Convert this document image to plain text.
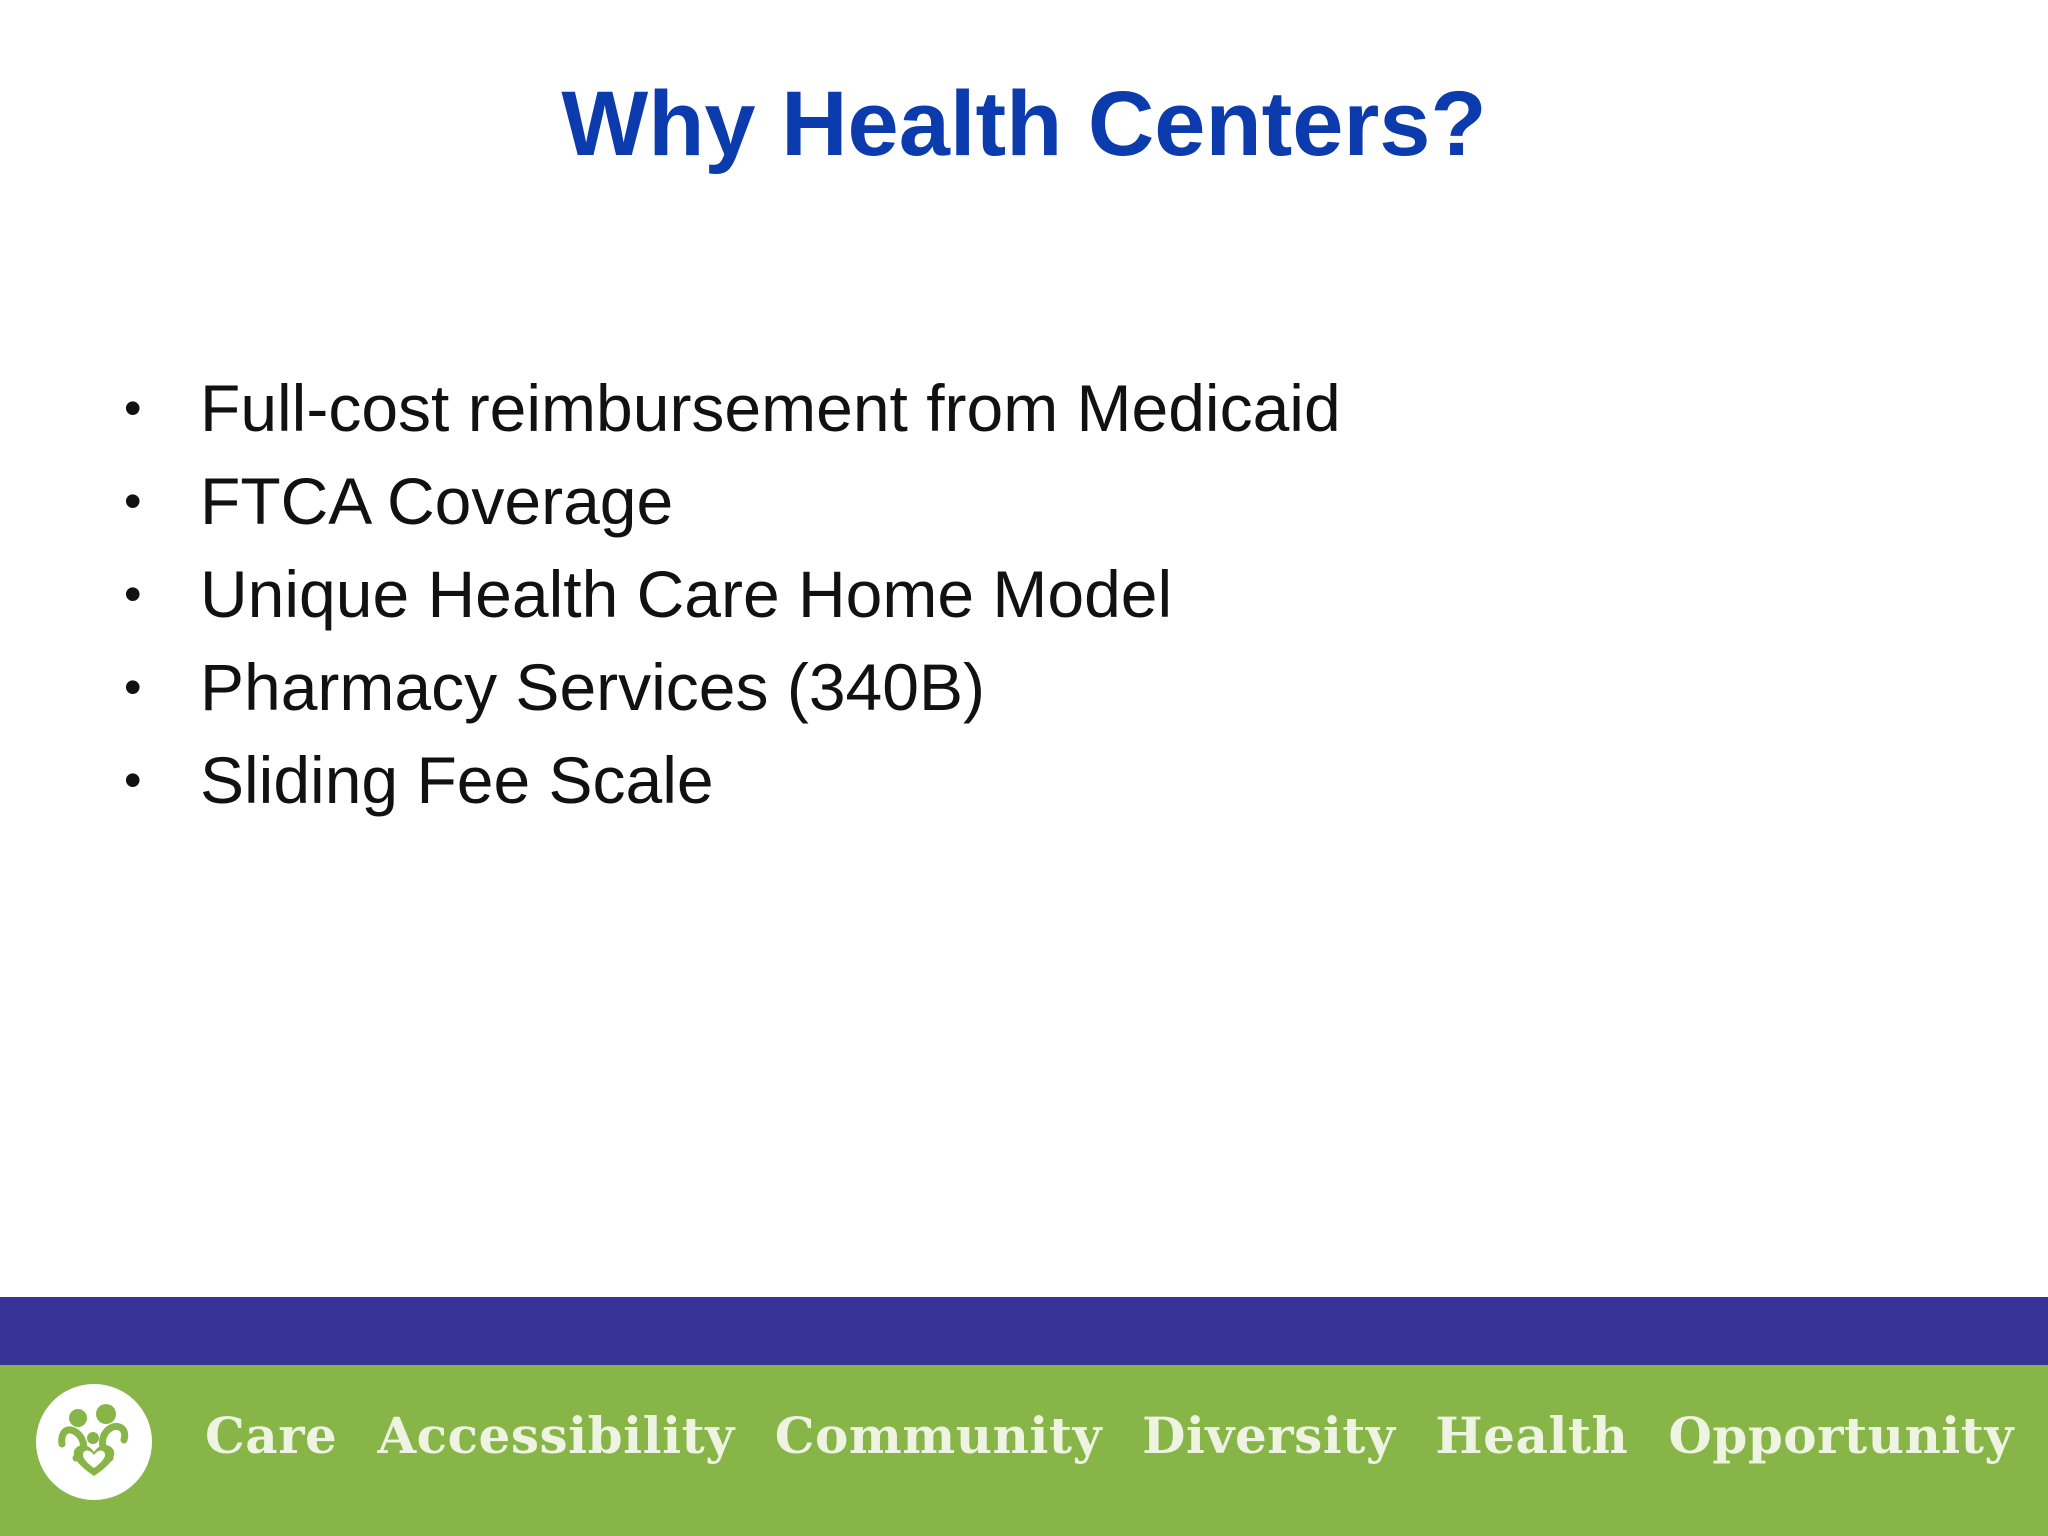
Why Health Centers?
• Full-cost reimbursement from Medicaid
• FTCA Coverage
• Unique Health Care Home Model
• Pharmacy Services (340B)
• Sliding Fee Scale
Care Accessibility Community Diversity Health Opportunity
